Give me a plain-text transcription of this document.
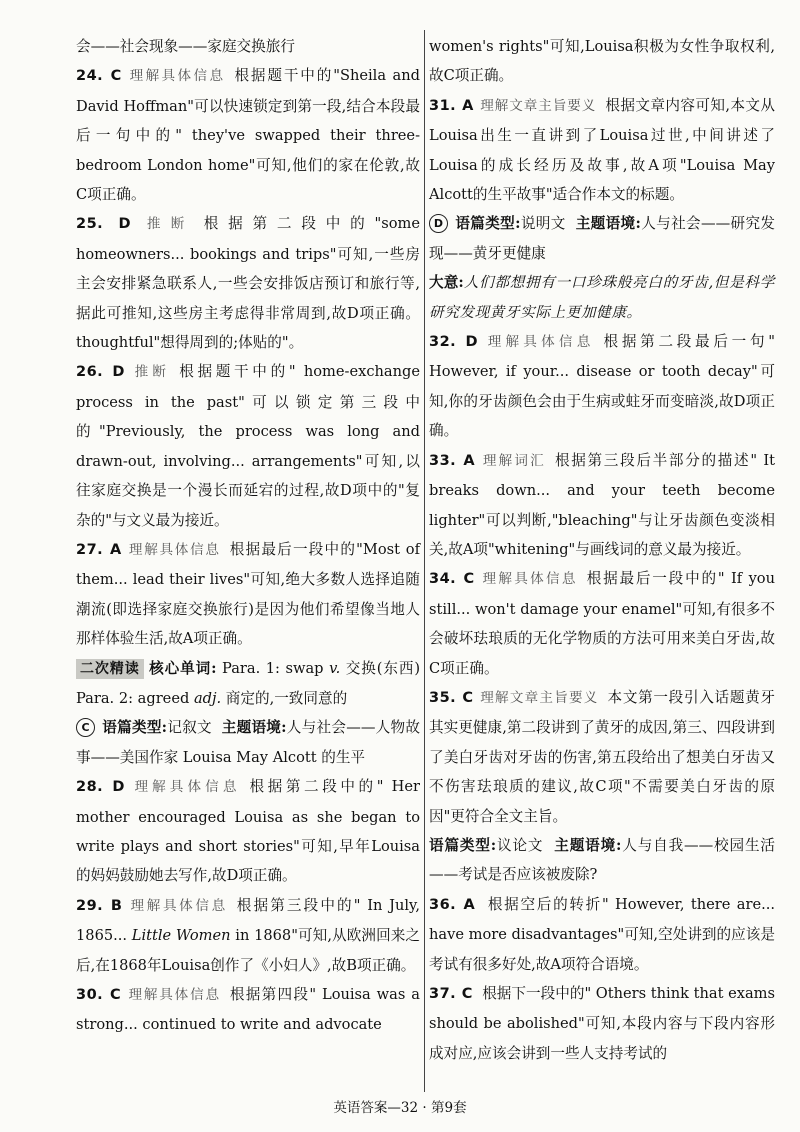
会——社会现象——家庭交换旅行

24. C 理解具体信息 根据题干中的"Sheila and David Hoffman"可以快速锁定到第一段,结合本段最后一句中的" they've swapped their three-bedroom London home"可知,他们的家在伦敦,故C项正确。

25. D 推断 根据第二段中的"some homeowners... bookings and trips"可知,一些房主会安排紧急联系人,一些会安排饭店预订和旅行等,据此可推知,这些房主考虑得非常周到,故D项正确。thoughtful"想得周到的;体贴的"。

26. D 推断 根据题干中的" home-exchange process in the past"可以锁定第三段中的"Previously, the process was long and drawn-out, involving... arrangements"可知,以往家庭交换是一个漫长而延宕的过程,故D项中的"复杂的"与文义最为接近。

27. A 理解具体信息 根据最后一段中的"Most of them... lead their lives"可知,绝大多数人选择追随潮流(即选择家庭交换旅行)是因为他们希望像当地人那样体验生活,故A项正确。

二次精读 核心单词: Para. 1: swap v. 交换(东西) Para. 2: agreed adj. 商定的,一致同意的

C 语篇类型:记叙文 主题语境:人与社会——人物故事——美国作家 Louisa May Alcott 的生平

28. D 理解具体信息 根据第二段中的" Her mother encouraged Louisa as she began to write plays and short stories"可知,早年Louisa的妈妈鼓励她去写作,故D项正确。

29. B 理解具体信息 根据第三段中的" In July, 1865... Little Women in 1868"可知,从欧洲回来之后,在1868年Louisa创作了《小妇人》,故B项正确。

30. C 理解具体信息 根据第四段" Louisa was a strong... continued to write and advocate

women's rights"可知,Louisa积极为女性争取权利,故C项正确。

31. A 理解文章主旨要义 根据文章内容可知,本文从Louisa出生一直讲到了Louisa过世,中间讲述了Louisa的成长经历及故事,故A项"Louisa May Alcott的生平故事"适合作本文的标题。

D 语篇类型:说明文 主题语境:人与社会——研究发现——黄牙更健康

大意:人们都想拥有一口珍珠般亮白的牙齿,但是科学研究发现黄牙实际上更加健康。

32. D 理解具体信息 根据第二段最后一句" However, if your... disease or tooth decay"可知,你的牙齿颜色会由于生病或蛀牙而变暗淡,故D项正确。

33. A 理解词汇 根据第三段后半部分的描述" It breaks down... and your teeth become lighter"可以判断,"bleaching"与让牙齿颜色变淡相关,故A项"whitening"与画线词的意义最为接近。

34. C 理解具体信息 根据最后一段中的" If you still... won't damage your enamel"可知,有很多不会破坏珐琅质的无化学物质的方法可用来美白牙齿,故C项正确。

35. C 理解文章主旨要义 本文第一段引入话题黄牙其实更健康,第二段讲到了黄牙的成因,第三、四段讲到了美白牙齿对牙齿的伤害,第五段给出了想美白牙齿又不伤害珐琅质的建议,故C项"不需要美白牙齿的原因"更符合全文主旨。

语篇类型:议论文 主题语境:人与自我——校园生活——考试是否应该被废除?

36. A 根据空后的转折" However, there are... have more disadvantages"可知,空处讲到的应该是考试有很多好处,故A项符合语境。

37. C 根据下一段中的" Others think that exams should be abolished"可知,本段内容与下段内容形成对应,应该会讲到一些人支持考试的

英语答案—32 · 第9套
